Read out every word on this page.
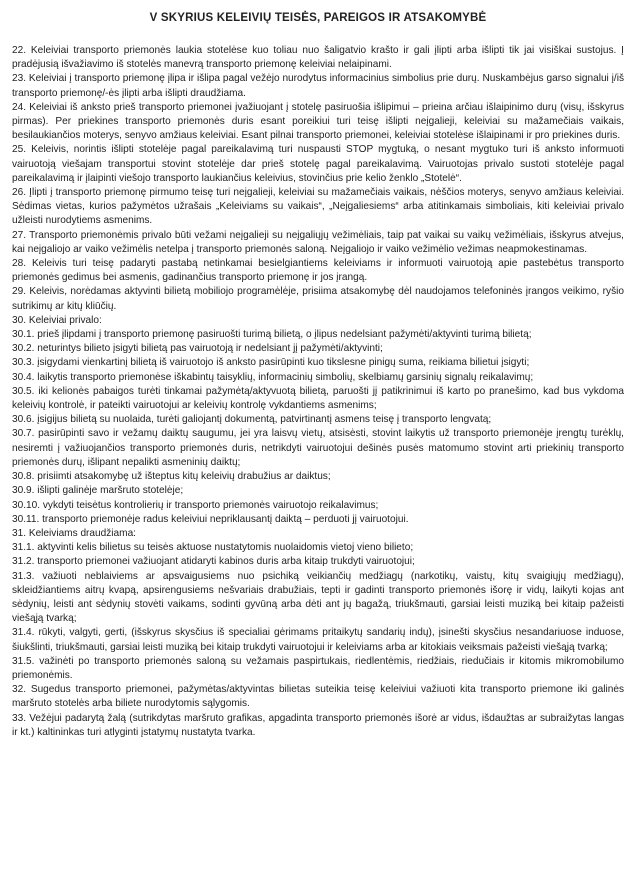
V SKYRIUS KELEIVIŲ TEISĖS, PAREIGOS IR ATSAKOMYBĖ

22. Keleiviai transporto priemonės laukia stotelėse kuo toliau nuo šaligatvio krašto ir gali įlipti arba išlipti tik jai visiškai sustojus. Į pradėjusią išvažiavimo iš stotelės manevrą transporto priemonę keleiviai nelaipinami.

23. Keleiviai į transporto priemonę įlipa ir išlipa pagal vežėjo nurodytus informacinius simbolius prie durų. Nuskambėjus garso signalui į/iš transporto priemonę/-ės įlipti arba išlipti draudžiama.

24. Keleiviai iš anksto prieš transporto priemonei įvažiuojant į stotelę pasiruošia išlipimui – prieina arčiau išlaipinimo durų (visų, išskyrus pirmas). Per priekines transporto priemonės duris esant poreikiui turi teisę išlipti neįgalieji, keleiviai su mažamečiais vaikais, besilaukiančios moterys, senyvo amžiaus keleiviai. Esant pilnai transporto priemonei, keleiviai stotelėse išlaipinami ir pro priekines duris.

25. Keleivis, norintis išlipti stotelėje pagal pareikalavimą turi nuspausti STOP mygtuką, o nesant mygtuko turi iš anksto informuoti vairuotoją viešajam transportui stovint stotelėje dar prieš stotelę pagal pareikalavimą. Vairuotojas privalo sustoti stotelėje pagal pareikalavimą ir įlaipinti viešojo transporto laukiančius keleivius, stovinčius prie kelio ženklo „Stotelė“.

26. Įlipti į transporto priemonę pirmumo teisę turi neįgalieji, keleiviai su mažamečiais vaikais, nėščios moterys, senyvo amžiaus keleiviai. Sėdimas vietas, kurios pažymėtos užrašais „Keleiviams su vaikais“, „Neįgaliesiems“ arba atitinkamais simboliais, kiti keleiviai privalo užleisti nurodytiems asmenims.

27. Transporto priemonėmis privalo būti vežami neįgalieji su neįgaliųjų vežimėliais, taip pat vaikai su vaikų vežimėliais, išskyrus atvejus, kai neįgaliojo ar vaiko vežimėlis netelpa į transporto priemonės saloną. Neįgaliojo ir vaiko vežimėlio vežimas neapmokestinamas.

28. Keleivis turi teisę padaryti pastabą netinkamai besielgiantiems keleiviams ir informuoti vairuotoją apie pastebėtus transporto priemonės gedimus bei asmenis, gadinančius transporto priemonę ir jos įrangą.

29. Keleivis, norėdamas aktyvinti bilietą mobiliojo programėlėje, prisiima atsakomybę dėl naudojamos telefoninės įrangos veikimo, ryšio sutrikimų ar kitų kliūčių.

30. Keleiviai privalo:

30.1. prieš įlipdami į transporto priemonę pasiruošti turimą bilietą, o įlipus nedelsiant pažymėti/aktyvinti turimą bilietą;

30.2. neturintys bilieto įsigyti bilietą pas vairuotoją ir nedelsiant jį pažymėti/aktyvinti;

30.3. įsigydami vienkartinį bilietą iš vairuotojo iš anksto pasirūpinti kuo tikslesne pinigų suma, reikiama bilietui įsigyti;

30.4. laikytis transporto priemonėse iškabintų taisyklių, informacinių simbolių, skelbiamų garsinių signalų reikalavimų;

30.5. iki kelionės pabaigos turėti tinkamai pažymėtą/aktyvuotą bilietą, paruošti jį patikrinimui iš karto po pranešimo, kad bus vykdoma keleivių kontrolė, ir pateikti vairuotojui ar keleivių kontrolę vykdantiems asmenims;

30.6. įsigijus bilietą su nuolaida, turėti galiojantį dokumentą, patvirtinantį asmens teisę į transporto lengvatą;

30.7. pasirūpinti savo ir vežamų daiktų saugumu, jei yra laisvų vietų, atsisėsti, stovint laikytis už transporto priemonėje įrengtų turėklų, nesiremti į važiuojančios transporto priemonės duris, netrikdyti vairuotojui dešinės pusės matomumo stovint arti priekinių transporto priemonės durų, išlipant nepalikti asmeninių daiktų;

30.8. prisiimti atsakomybę už išteptus kitų keleivių drabužius ar daiktus;

30.9. išlipti galinėje maršruto stotelėje;

30.10. vykdyti teisėtus kontrolierių ir transporto priemonės vairuotojo reikalavimus;

30.11. transporto priemonėje radus keleiviui nepriklausantį daiktą – perduoti jį vairuotojui.

31. Keleiviams draudžiama:

31.1. aktyvinti kelis bilietus su teisės aktuose nustatytomis nuolaidomis vietoj vieno bilieto;

31.2. transporto priemonei važiuojant atidaryti kabinos duris arba kitaip trukdyti vairuotojui;

31.3. važiuoti neblaiviems ar apsvaigusiems nuo psichiką veikiančių medžiagų (narkotikų, vaistų, kitų svaigiųjų medžiagų), skleidžiantiems aitrų kvapą, apsirengusiems nešvariais drabužiais, tepti ir gadinti transporto priemonės išorę ir vidų, laikyti kojas ant sėdynių, leisti ant sėdynių stovėti vaikams, sodinti gyvūną arba dėti ant jų bagažą, triukšmauti, garsiai leisti muziką bei kitaip pažeisti viešąją tvarką;

31.4. rūkyti, valgyti, gerti, (išskyrus skysčius iš specialiai gėrimams pritaikytų sandarių indų), įsinešti skysčius nesandariuose induose, šiukšlinti, triukšmauti, garsiai leisti muziką bei kitaip trukdyti vairuotojui ir keleiviams arba ar kitokiais veiksmais pažeisti viešąją tvarką;

31.5. važinėti po transporto priemonės saloną su vežamais paspirtukais, riedlentėmis, riedžiais, riedučiais ir kitomis mikromobilumo priemonėmis.

32. Sugedus transporto priemonei, pažymėtas/aktyvintas bilietas suteikia teisę keleiviui važiuoti kita transporto priemone iki galinės maršruto stotelės arba biliete nurodytomis sąlygomis.

33. Vežėjui padarytą žalą (sutrikdytas maršruto grafikas, apgadinta transporto priemonės išorė ar vidus, išdaužtas ar subraižytas langas ir kt.) kaltininkas turi atlyginti įstatymų nustatyta tvarka.
